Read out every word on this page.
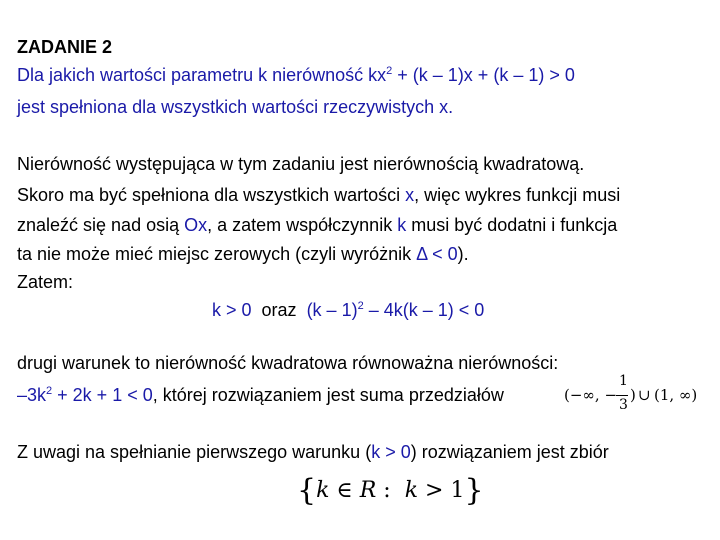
ZADANIE 2
Dla jakich wartości parametru k nierówność $kx^2 + (k - 1)x + (k - 1) > 0$
jest spełniona dla wszystkich wartości rzeczywistych x.
Nierówność występująca w tym zadaniu jest nierównością kwadratową.
Skoro ma być spełniona dla wszystkich wartości x, więc wykres funkcji musi
znaleźć się nad osią Ox, a zatem współczynnik k musi być dodatni i funkcja
ta nie może mieć miejsc zerowych (czyli wyróżnik Δ < 0).
Zatem:
k > 0  oraz  (k – 1)$^2$ – 4k(k – 1) < 0
drugi warunek to nierówność kwadratowa równoważna nierówności:
$-3k^2 + 2k + 1 < 0$, której rozwiązaniem jest suma przedziałów	(−∞, −
1
3
) ∪ (1, ∞)
Z uwagi na spełnianie pierwszego warunku (k > 0) rozwiązaniem jest zbiór
{k ∈ R :  k > 1}
